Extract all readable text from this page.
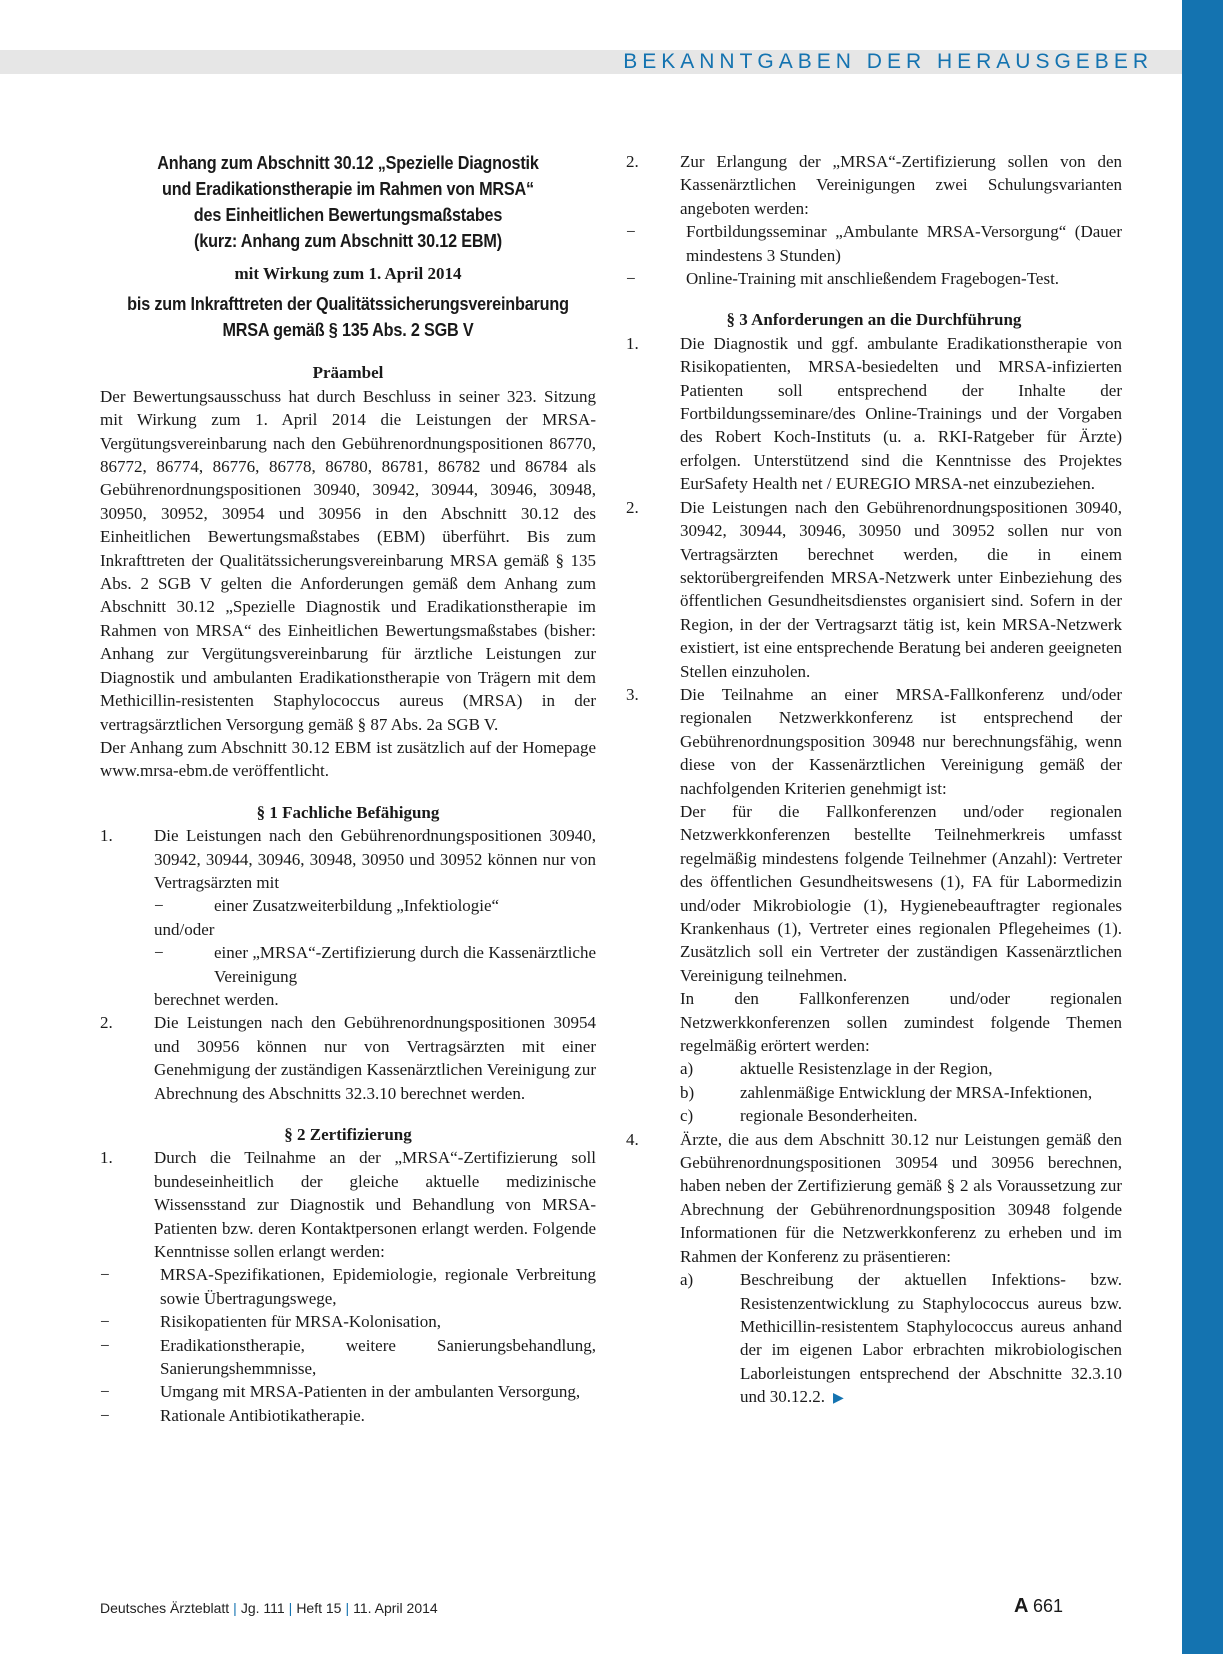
BEKANNTGABEN DER HERAUSGEBER
Anhang zum Abschnitt 30.12 „Spezielle Diagnostik
und Eradikationstherapie im Rahmen von MRSA“
des Einheitlichen Bewertungsmaßstabes
(kurz: Anhang zum Abschnitt 30.12 EBM)
mit Wirkung zum 1. April 2014
bis zum Inkrafttreten der Qualitätssicherungsvereinbarung
MRSA gemäß § 135 Abs. 2 SGB V
Präambel
Der Bewertungsausschuss hat durch Beschluss in seiner 323. Sitzung mit Wirkung zum 1. April 2014 die Leistungen der MRSA-Vergütungsvereinbarung nach den Gebührenordnungspositionen 86770, 86772, 86774, 86776, 86778, 86780, 86781, 86782 und 86784 als Gebührenordnungspositionen 30940, 30942, 30944, 30946, 30948, 30950, 30952, 30954 und 30956 in den Abschnitt 30.12 des Einheitlichen Bewertungsmaßstabes (EBM) überführt. Bis zum Inkrafttreten der Qualitätssicherungsvereinbarung MRSA gemäß § 135 Abs. 2 SGB V gelten die Anforderungen gemäß dem Anhang zum Abschnitt 30.12 „Spezielle Diagnostik und Eradikationstherapie im Rahmen von MRSA“ des Einheitlichen Bewertungsmaßstabes (bisher: Anhang zur Vergütungsvereinbarung für ärztliche Leistungen zur Diagnostik und ambulanten Eradikationstherapie von Trägern mit dem Methicillin-resistenten Staphylococcus aureus (MRSA) in der vertragsärztlichen Versorgung gemäß § 87 Abs. 2a SGB V.
Der Anhang zum Abschnitt 30.12 EBM ist zusätzlich auf der Homepage www.mrsa-ebm.de veröffentlicht.
§ 1 Fachliche Befähigung
1.	Die Leistungen nach den Gebührenordnungspositionen 30940, 30942, 30944, 30946, 30948, 30950 und 30952 können nur von Vertragsärzten mit
−	einer Zusatzweiterbildung „Infektiologie“
und/oder
−	einer „MRSA“-Zertifizierung durch die Kassenärztliche Vereinigung
berechnet werden.
2.	Die Leistungen nach den Gebührenordnungspositionen 30954 und 30956 können nur von Vertragsärzten mit einer Genehmigung der zuständigen Kassenärztlichen Vereinigung zur Abrechnung des Abschnitts 32.3.10 berechnet werden.
§ 2 Zertifizierung
1.	Durch die Teilnahme an der „MRSA“-Zertifizierung soll bundeseinheitlich der gleiche aktuelle medizinische Wissensstand zur Diagnostik und Behandlung von MRSA-Patienten bzw. deren Kontaktpersonen erlangt werden. Folgende Kenntnisse sollen erlangt werden:
−	MRSA-Spezifikationen, Epidemiologie, regionale Verbreitung sowie Übertragungswege,
−	Risikopatienten für MRSA-Kolonisation,
−	Eradikationstherapie, weitere Sanierungsbehandlung, Sanierungshemmnisse,
−	Umgang mit MRSA-Patienten in der ambulanten Versorgung,
−	Rationale Antibiotikatherapie.
2.	Zur Erlangung der „MRSA“-Zertifizierung sollen von den Kassenärztlichen Vereinigungen zwei Schulungsvarianten angeboten werden:
−	Fortbildungsseminar „Ambulante MRSA-Versorgung“ (Dauer mindestens 3 Stunden)
−	Online-Training mit anschließendem Fragebogen-Test.
§ 3 Anforderungen an die Durchführung
1.	Die Diagnostik und ggf. ambulante Eradikationstherapie von Risikopatienten, MRSA-besiedelten und MRSA-infizierten Patienten soll entsprechend der Inhalte der Fortbildungsseminare/des Online-Trainings und der Vorgaben des Robert Koch-Instituts (u. a. RKI-Ratgeber für Ärzte) erfolgen. Unterstützend sind die Kenntnisse des Projektes EurSafety Health net / EUREGIO MRSA-net einzubeziehen.
2.	Die Leistungen nach den Gebührenordnungspositionen 30940, 30942, 30944, 30946, 30950 und 30952 sollen nur von Vertragsärzten berechnet werden, die in einem sektorübergreifenden MRSA-Netzwerk unter Einbeziehung des öffentlichen Gesundheitsdienstes organisiert sind. Sofern in der Region, in der der Vertragsarzt tätig ist, kein MRSA-Netzwerk existiert, ist eine entsprechende Beratung bei anderen geeigneten Stellen einzuholen.
3.	Die Teilnahme an einer MRSA-Fallkonferenz und/oder regionalen Netzwerkkonferenz ist entsprechend der Gebührenordnungsposition 30948 nur berechnungsfähig, wenn diese von der Kassenärztlichen Vereinigung gemäß der nachfolgenden Kriterien genehmigt ist:
Der für die Fallkonferenzen und/oder regionalen Netzwerkkonferenzen bestellte Teilnehmerkreis umfasst regelmäßig mindestens folgende Teilnehmer (Anzahl): Vertreter des öffentlichen Gesundheitswesens (1), FA für Labormedizin und/oder Mikrobiologie (1), Hygienebeauftragter regionales Krankenhaus (1), Vertreter eines regionalen Pflegeheimes (1). Zusätzlich soll ein Vertreter der zuständigen Kassenärztlichen Vereinigung teilnehmen.
In den Fallkonferenzen und/oder regionalen Netzwerkkonferenzen sollen zumindest folgende Themen regelmäßig erörtert werden:
a)	aktuelle Resistenzlage in der Region,
b)	zahlenmäßige Entwicklung der MRSA-Infektionen,
c)	regionale Besonderheiten.
4.	Ärzte, die aus dem Abschnitt 30.12 nur Leistungen gemäß den Gebührenordnungspositionen 30954 und 30956 berechnen, haben neben der Zertifizierung gemäß § 2 als Voraussetzung zur Abrechnung der Gebührenordnungsposition 30948 folgende Informationen für die Netzwerkkonferenz zu erheben und im Rahmen der Konferenz zu präsentieren:
a)	Beschreibung der aktuellen Infektions- bzw. Resistenzentwicklung zu Staphylococcus aureus bzw. Methicillin-resistentem Staphylococcus aureus anhand der im eigenen Labor erbrachten mikrobiologischen Laborleistungen entsprechend der Abschnitte 32.3.10 und 30.12.2. ▶
Deutsches Ärzteblatt | Jg. 111 | Heft 15 | 11. April 2014	A 661
